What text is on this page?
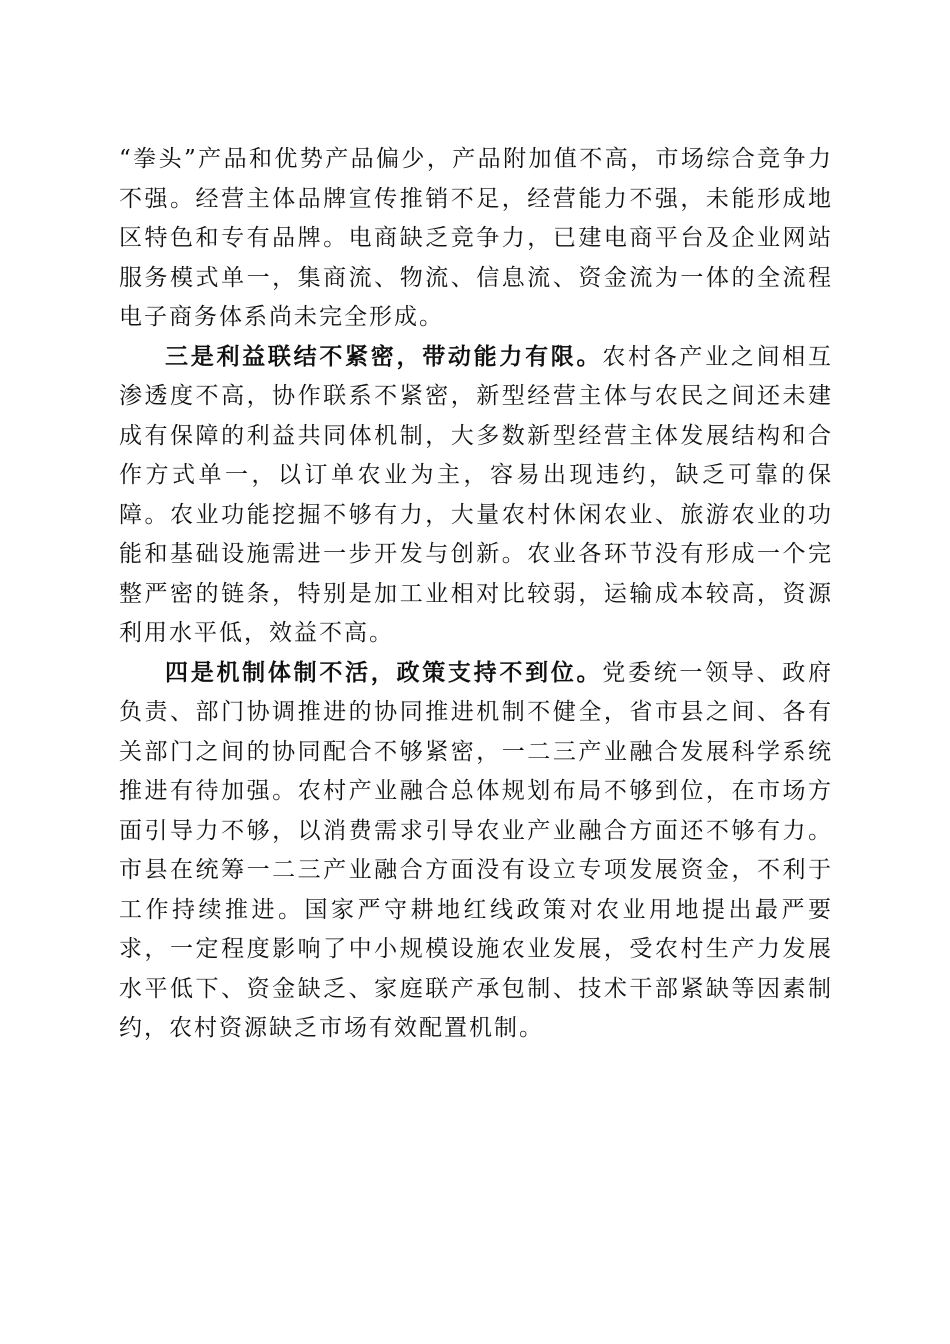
“拳头”产品和优势产品偏少，产品附加值不高，市场综合竞争力不强。经营主体品牌宣传推销不足，经营能力不强，未能形成地区特色和专有品牌。电商缺乏竞争力，已建电商平台及企业网站服务模式单一，集商流、物流、信息流、资金流为一体的全流程电子商务体系尚未完全形成。

三是利益联结不紧密，带动能力有限。农村各产业之间相互渗透度不高，协作联系不紧密，新型经营主体与农民之间还未建成有保障的利益共同体机制，大多数新型经营主体发展结构和合作方式单一，以订单农业为主，容易出现违约，缺乏可靠的保障。农业功能挖掘不够有力，大量农村休闲农业、旅游农业的功能和基础设施需进一步开发与创新。农业各环节没有形成一个完整严密的链条，特别是加工业相对比较弱，运输成本较高，资源利用水平低，效益不高。

四是机制体制不活，政策支持不到位。党委统一领导、政府负责、部门协调推进的协同推进机制不健全，省市县之间、各有关部门之间的协同配合不够紧密，一二三产业融合发展科学系统推进有待加强。农村产业融合总体规划布局不够到位，在市场方面引导力不够，以消费需求引导农业产业融合方面还不够有力。市县在统筹一二三产业融合方面没有设立专项发展资金，不利于工作持续推进。国家严守耕地红线政策对农业用地提出最严要求，一定程度影响了中小规模设施农业发展，受农村生产力发展水平低下、资金缺乏、家庭联产承包制、技术干部紧缺等因素制约，农村资源缺乏市场有效配置机制。
